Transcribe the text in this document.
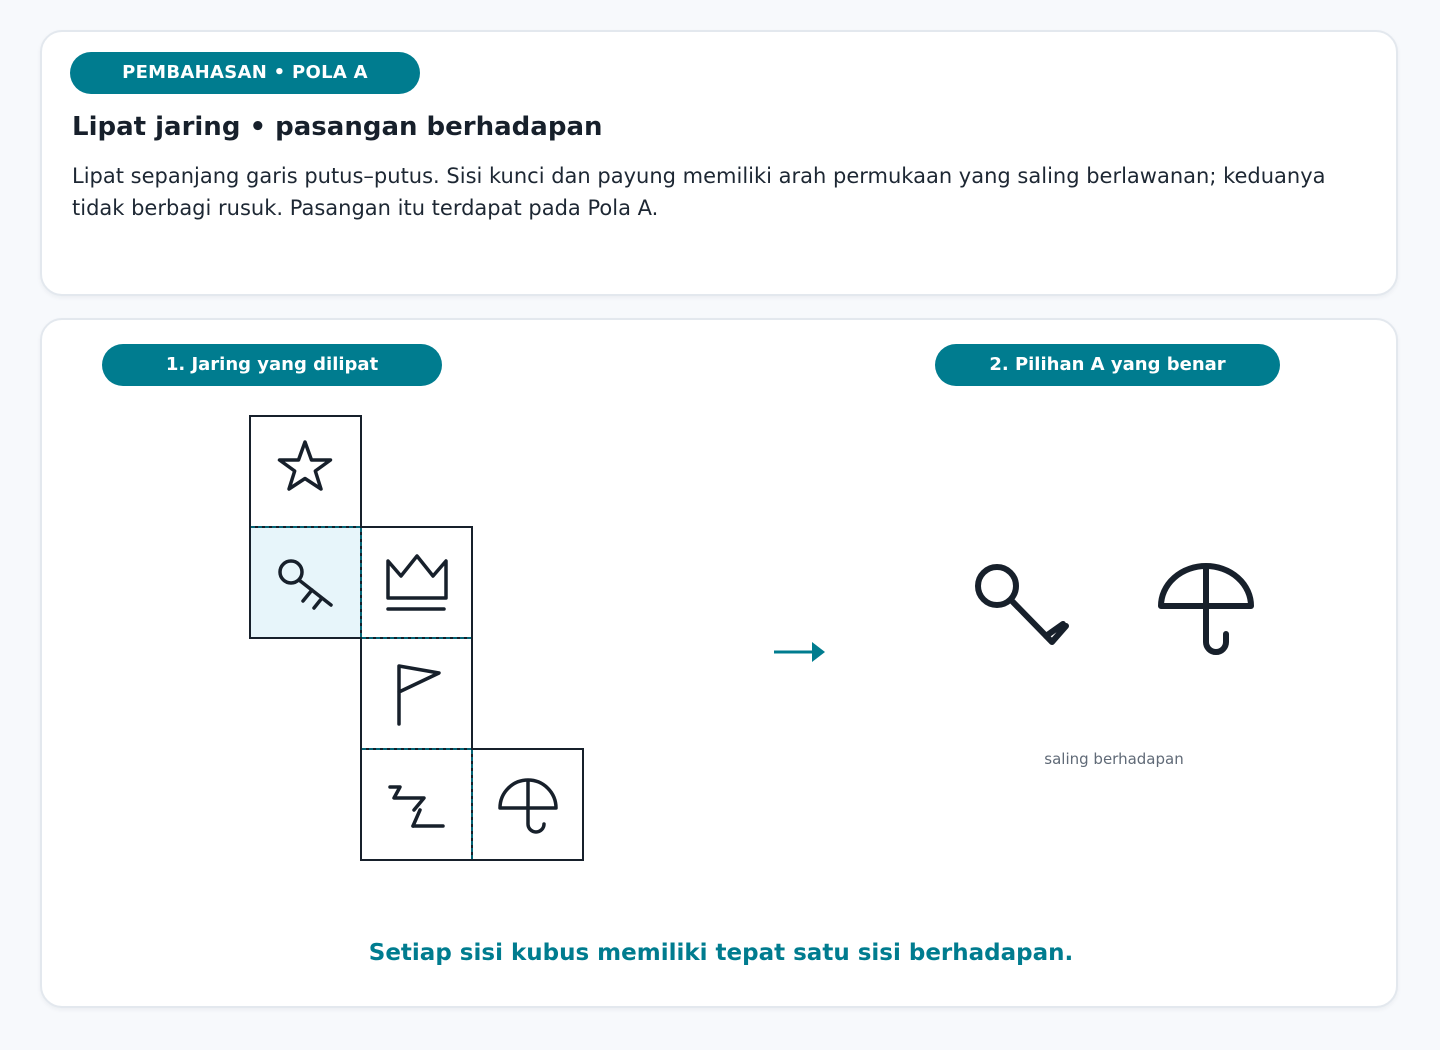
PEMBAHASAN • POLA A
Lipat jaring • pasangan berhadapan

Lipat sepanjang garis putus–putus. Sisi kunci dan payung memiliki arah permukaan yang saling berlawanan; keduanya tidak berbagi rusuk. Pasangan itu terdapat pada Pola A.

1. Jaring yang dilipat	2. Pilihan A yang benar
saling berhadapan
Setiap sisi kubus memiliki tepat satu sisi berhadapan.
